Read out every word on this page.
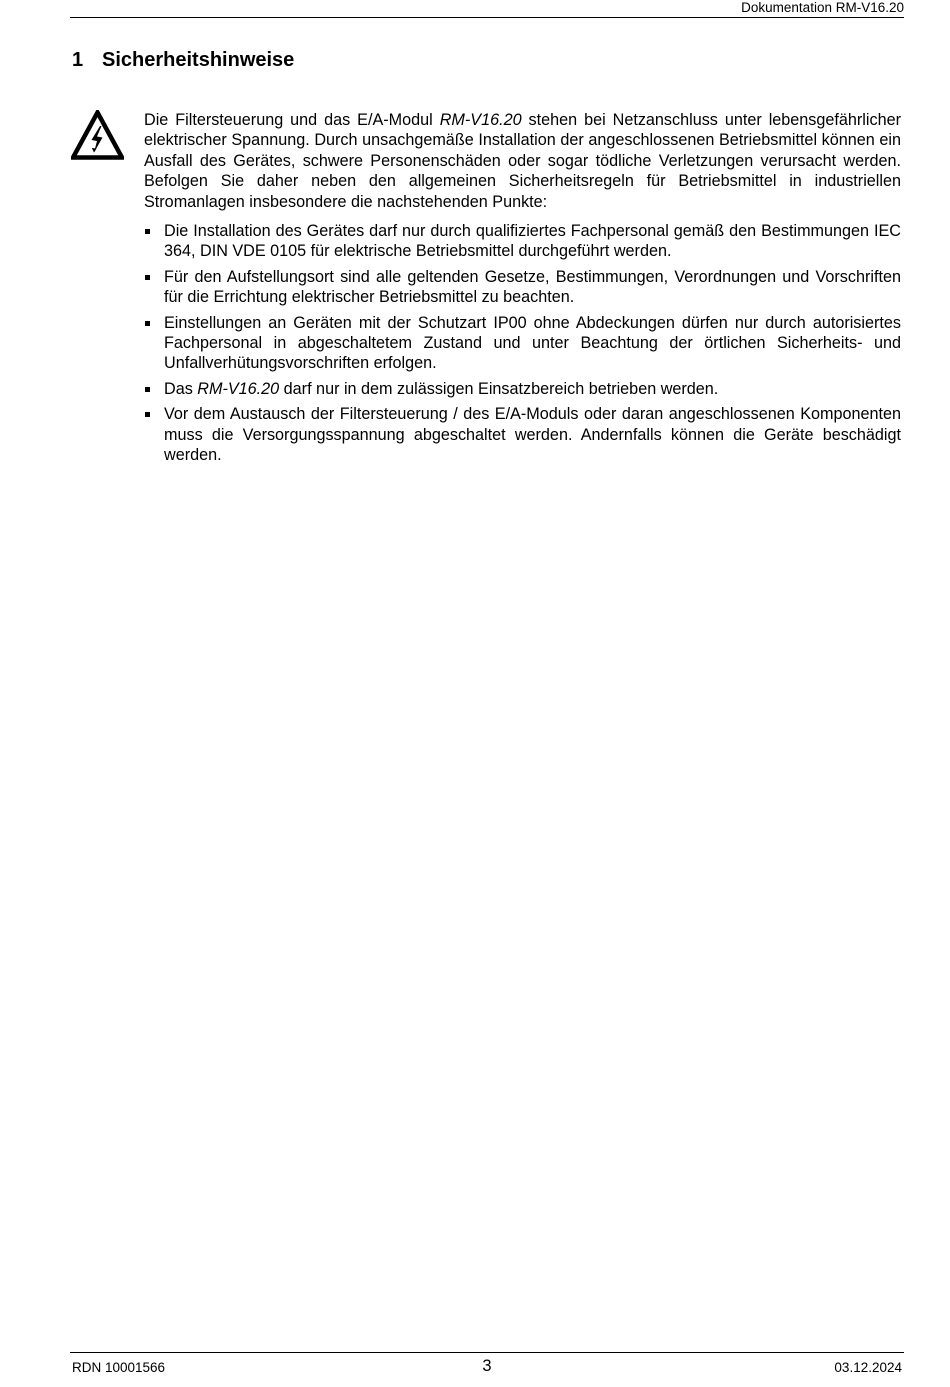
Dokumentation RM-V16.20
1 Sicherheitshinweise

Die Filtersteuerung und das E/A-Modul RM-V16.20 stehen bei Netzanschluss unter lebensgefährlicher elektrischer Spannung. Durch unsachgemäße Installation der angeschlossenen Betriebsmittel können ein Ausfall des Gerätes, schwere Personenschäden oder sogar tödliche Verletzungen verursacht werden. Befolgen Sie daher neben den allgemeinen Sicherheitsregeln für Betriebsmittel in industriellen Stromanlagen insbesondere die nachstehenden Punkte:

Die Installation des Gerätes darf nur durch qualifiziertes Fachpersonal gemäß den Bestimmungen IEC 364, DIN VDE 0105 für elektrische Betriebsmittel durchgeführt werden.
Für den Aufstellungsort sind alle geltenden Gesetze, Bestimmungen, Verordnungen und Vorschriften für die Errichtung elektrischer Betriebsmittel zu beachten.
Einstellungen an Geräten mit der Schutzart IP00 ohne Abdeckungen dürfen nur durch autorisiertes Fachpersonal in abgeschaltetem Zustand und unter Beachtung der örtlichen Sicherheits- und Unfallverhütungsvorschriften erfolgen.
Das RM-V16.20 darf nur in dem zulässigen Einsatzbereich betrieben werden.
Vor dem Austausch der Filtersteuerung / des E/A-Moduls oder daran angeschlossenen Komponenten muss die Versorgungsspannung abgeschaltet werden. Andernfalls können die Geräte beschädigt werden.
RDN 10001566	3	03.12.2024
